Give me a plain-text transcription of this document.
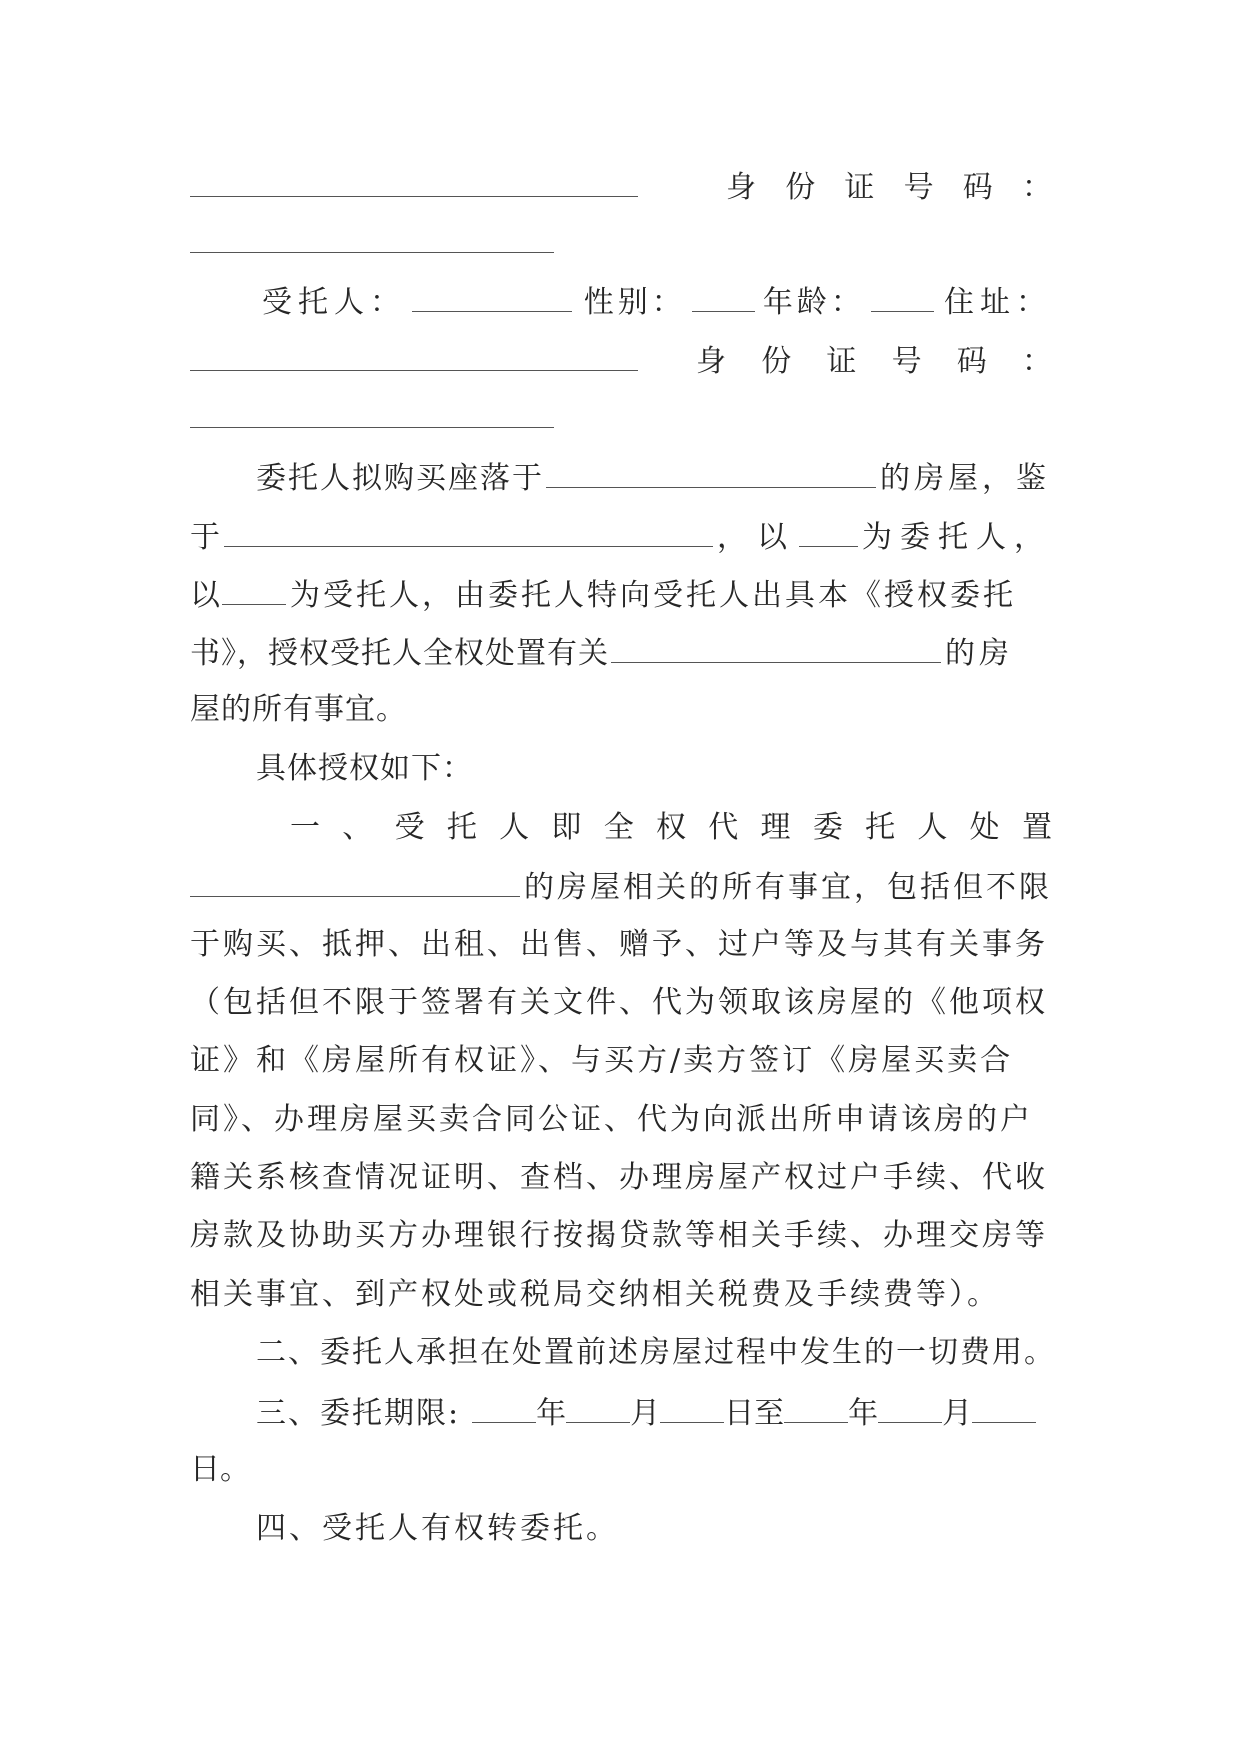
身 份 证 号 码 ：
受托人：	性别：	年龄：	住址：
身 份 证 号 码 ：
委托人拟购买座落于	的房屋，鉴
于	，以 为委托人，
以 为受托人，由委托人特向受托人出具本《授权委托
书》，授权受托人全权处置有关	的房
屋的所有事宜。
具体授权如下：
一 、 受 托 人 即 全 权 代 理 委 托 人 处 置
的房屋相关的所有事宜，包括但不限
于购买、抵押、出租、出售、赠予、过户等及与其有关事务
（包括但不限于签署有关文件、代为领取该房屋的《他项权
证》和《房屋所有权证》、与买方/卖方签订《房屋买卖合
同》、办理房屋买卖合同公证、代为向派出所申请该房的户
籍关系核查情况证明、查档、办理房屋产权过户手续、代收
房款及协助买方办理银行按揭贷款等相关手续、办理交房等
相关事宜、到产权处或税局交纳相关税费及手续费等）。
二、委托人承担在处置前述房屋过程中发生的一切费用。
三、委托期限:	年 月 日至 年 月
日。
四、受托人有权转委托。
